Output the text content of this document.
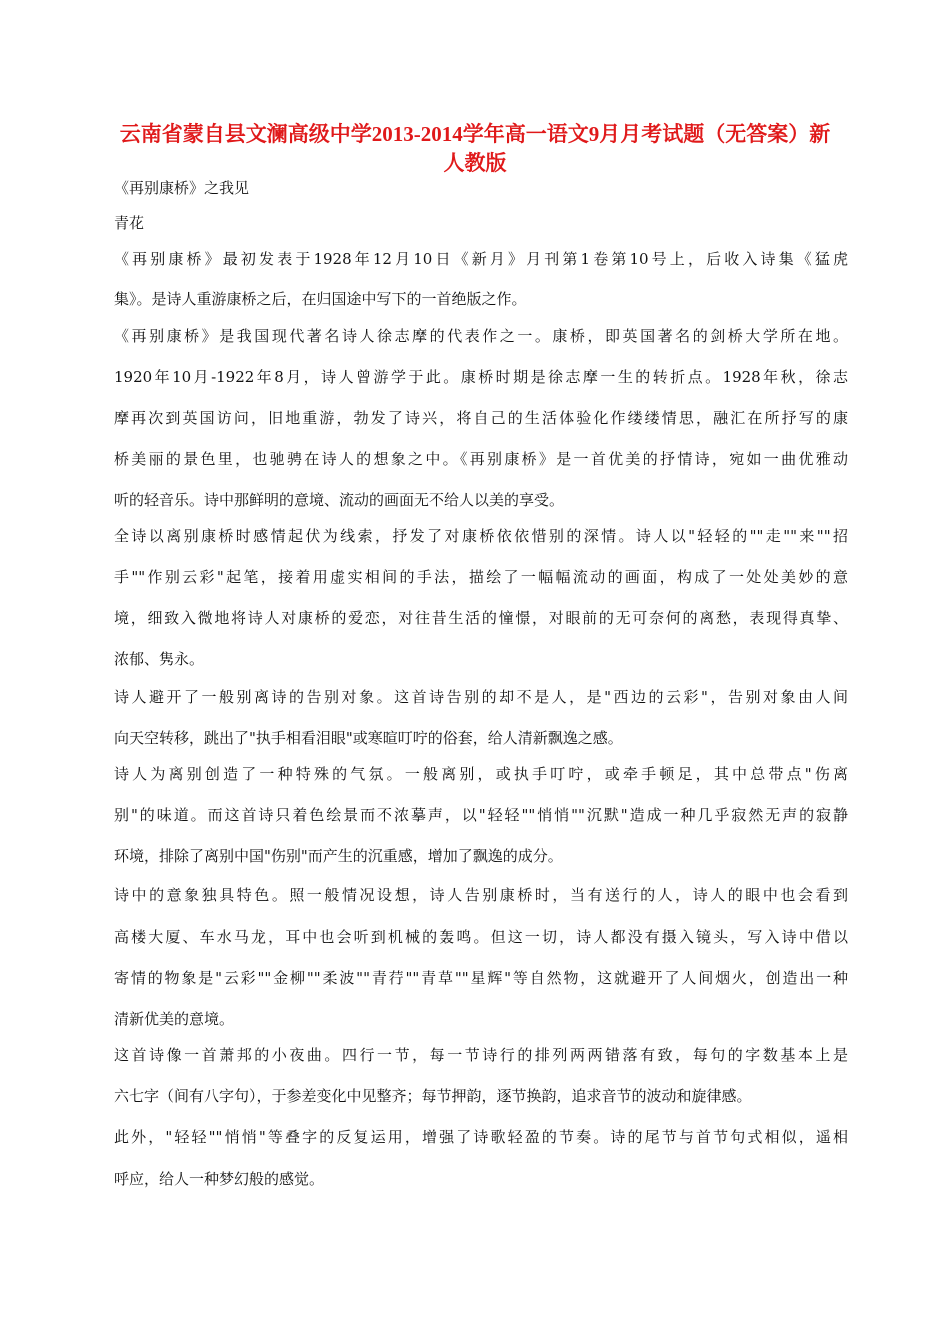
云南省蒙自县文澜高级中学2013-2014学年高一语文9月月考试题（无答案）新人教版

《再别康桥》之我见

青花

《再别康桥》最初发表于1928年12月10日《新月》月刊第1卷第10号上，后收入诗集《猛虎

集》。是诗人重游康桥之后，在归国途中写下的一首绝版之作。

《再别康桥》是我国现代著名诗人徐志摩的代表作之一。康桥，即英国著名的剑桥大学所在地。

1920年10月-1922年8月，诗人曾游学于此。康桥时期是徐志摩一生的转折点。1928年秋，徐志

摩再次到英国访问，旧地重游，勃发了诗兴，将自己的生活体验化作缕缕情思，融汇在所抒写的康

桥美丽的景色里，也驰骋在诗人的想象之中。《再别康桥》是一首优美的抒情诗，宛如一曲优雅动

听的轻音乐。诗中那鲜明的意境、流动的画面无不给人以美的享受。

全诗以离别康桥时感情起伏为线索，抒发了对康桥依依惜别的深情。诗人以"轻轻的""走""来""招

手""作别云彩"起笔，接着用虚实相间的手法，描绘了一幅幅流动的画面，构成了一处处美妙的意

境，细致入微地将诗人对康桥的爱恋，对往昔生活的憧憬，对眼前的无可奈何的离愁，表现得真挚、

浓郁、隽永。

诗人避开了一般别离诗的告别对象。这首诗告别的却不是人，是"西边的云彩"，告别对象由人间

向天空转移，跳出了"执手相看泪眼"或寒暄叮咛的俗套，给人清新飘逸之感。

诗人为离别创造了一种特殊的气氛。一般离别，或执手叮咛，或牵手顿足，其中总带点"伤离

别"的味道。而这首诗只着色绘景而不浓摹声，以"轻轻""悄悄""沉默"造成一种几乎寂然无声的寂静

环境，排除了离别中国"伤别"而产生的沉重感，增加了飘逸的成分。

诗中的意象独具特色。照一般情况设想，诗人告别康桥时，当有送行的人，诗人的眼中也会看到

高楼大厦、车水马龙，耳中也会听到机械的轰鸣。但这一切，诗人都没有摄入镜头，写入诗中借以

寄情的物象是"云彩""金柳""柔波""青荇""青草""星辉"等自然物，这就避开了人间烟火，创造出一种

清新优美的意境。

这首诗像一首萧邦的小夜曲。四行一节，每一节诗行的排列两两错落有致，每句的字数基本上是

六七字（间有八字句），于参差变化中见整齐；每节押韵，逐节换韵，追求音节的波动和旋律感。

此外，"轻轻""悄悄"等叠字的反复运用，增强了诗歌轻盈的节奏。诗的尾节与首节句式相似，遥相

呼应，给人一种梦幻般的感觉。
